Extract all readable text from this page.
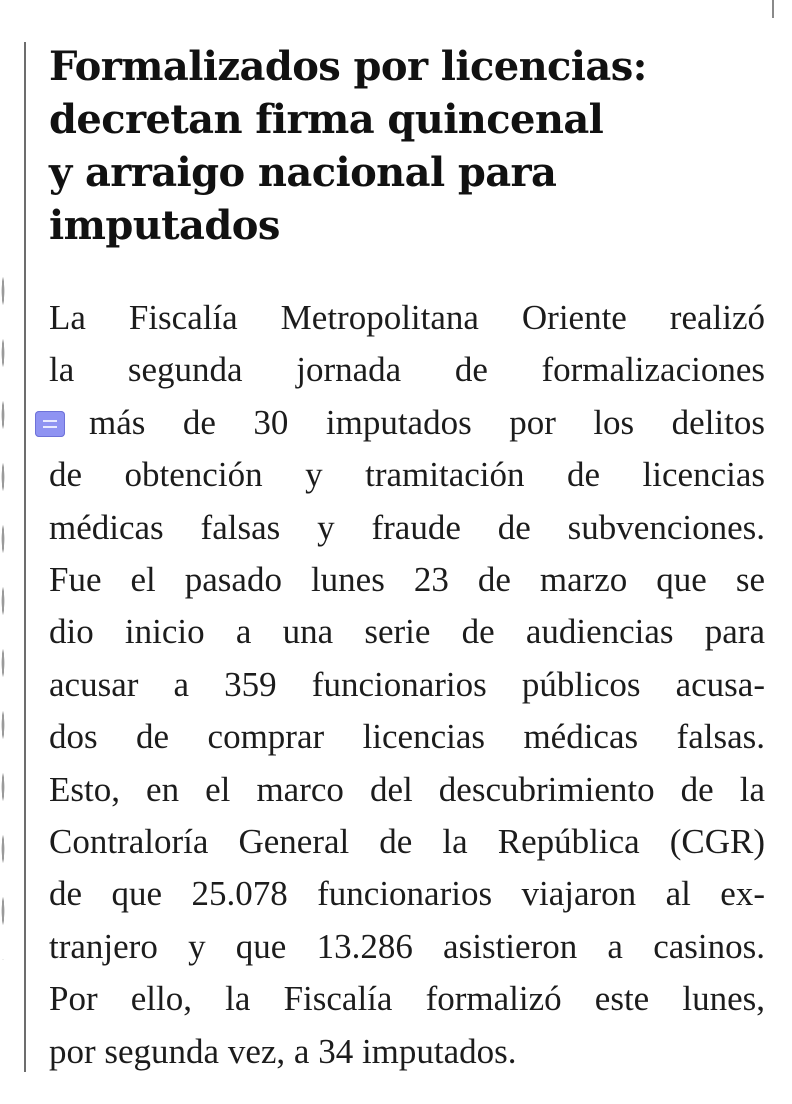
Formalizados por licencias:
decretan firma quincenal
y arraigo nacional para
imputados
La Fiscalía Metropolitana Oriente realizó
la segunda jornada de formalizaciones
más de 30 imputados por los delitos
de obtención y tramitación de licencias
médicas falsas y fraude de subvenciones.
Fue el pasado lunes 23 de marzo que se
dio inicio a una serie de audiencias para
acusar a 359 funcionarios públicos acusa-
dos de comprar licencias médicas falsas.
Esto, en el marco del descubrimiento de la
Contraloría General de la República (CGR)
de que 25.078 funcionarios viajaron al ex-
tranjero y que 13.286 asistieron a casinos.
Por ello, la Fiscalía formalizó este lunes,
por segunda vez, a 34 imputados.
